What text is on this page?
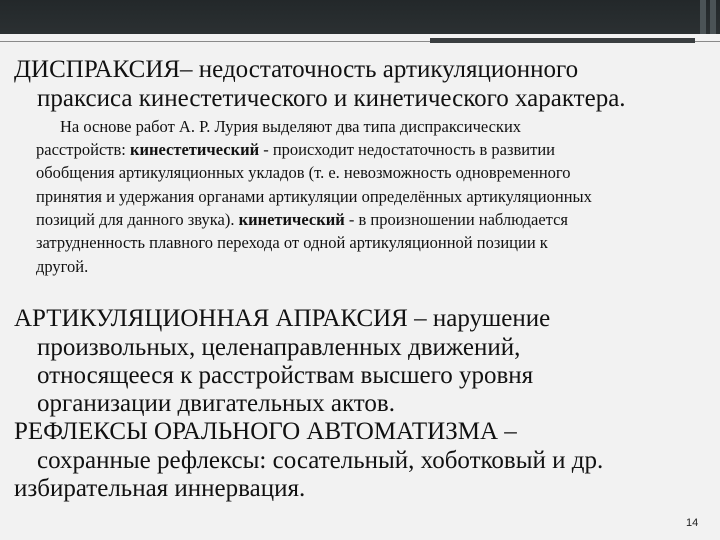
ДИСПРАКСИЯ– недостаточность артикуляционного

праксиса кинестетического и кинетического характера.

На основе работ А. Р. Лурия выделяют два типа диспраксических

расстройств: кинестетический - происходит недостаточность в развитии

обобщения артикуляционных укладов (т. е. невозможность одновременного

принятия и удержания органами артикуляции определённых артикуляционных

позиций для данного звука). кинетический - в произношении наблюдается

затрудненность плавного перехода от одной артикуляционной позиции к

другой.

АРТИКУЛЯЦИОННАЯ АПРАКСИЯ – нарушение

произвольных, целенаправленных движений,

относящееся к расстройствам высшего уровня

организации двигательных актов.

РЕФЛЕКСЫ ОРАЛЬНОГО АВТОМАТИЗМА –

сохранные рефлексы: сосательный, хоботковый и др.

избирательная иннервация.

14
